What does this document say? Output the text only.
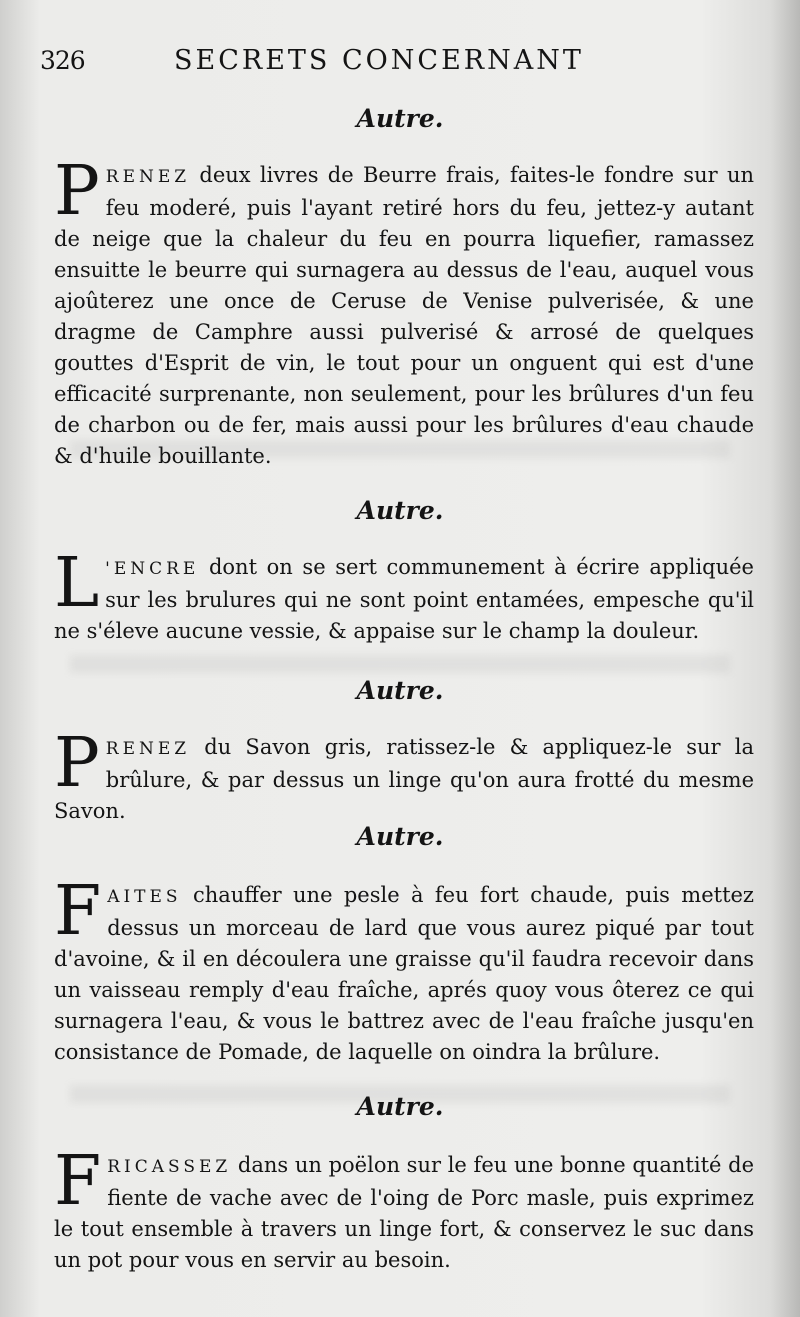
326	SECRETS CONCERNANT
Autre.

PRENEZ deux livres de Beurre frais, faites-le fondre sur un feu moderé, puis l'ayant retiré hors du feu, jettez-y autant de neige que la chaleur du feu en pourra liquefier, ramassez ensuitte le beurre qui surnagera au dessus de l'eau, auquel vous ajoûterez une once de Ceruse de Venise pulverisée, & une dragme de Camphre aussi pulverisé & arrosé de quelques gouttes d'Esprit de vin, le tout pour un onguent qui est d'une efficacité surprenante, non seulement, pour les brûlures d'un feu de charbon ou de fer, mais aussi pour les brûlures d'eau chaude & d'huile bouillante.

Autre.

L 'ENCRE dont on se sert communement à écrire appliquée sur les brulures qui ne sont point entamées, empesche qu'il ne s'éleve aucune vessie, & appaise sur le champ la douleur.

Autre.

PRENEZ du Savon gris, ratissez-le & appliquez-le sur la brûlure, & par dessus un linge qu'on aura frotté du mesme Savon.

Autre.

FAITES chauffer une pesle à feu fort chaude, puis mettez dessus un morceau de lard que vous aurez piqué par tout d'avoine, & il en découlera une graisse qu'il faudra recevoir dans un vaisseau remply d'eau fraîche, aprés quoy vous ôterez ce qui surnagera l'eau, & vous le battrez avec de l'eau fraîche jusqu'en consistance de Pomade, de laquelle on oindra la brûlure.

Autre.

FRICASSEZ dans un poëlon sur le feu une bonne quantité de fiente de vache avec de l'oing de Porc masle, puis exprimez le tout ensemble à travers un linge fort, & conservez le suc dans un pot pour vous en servir au besoin.
